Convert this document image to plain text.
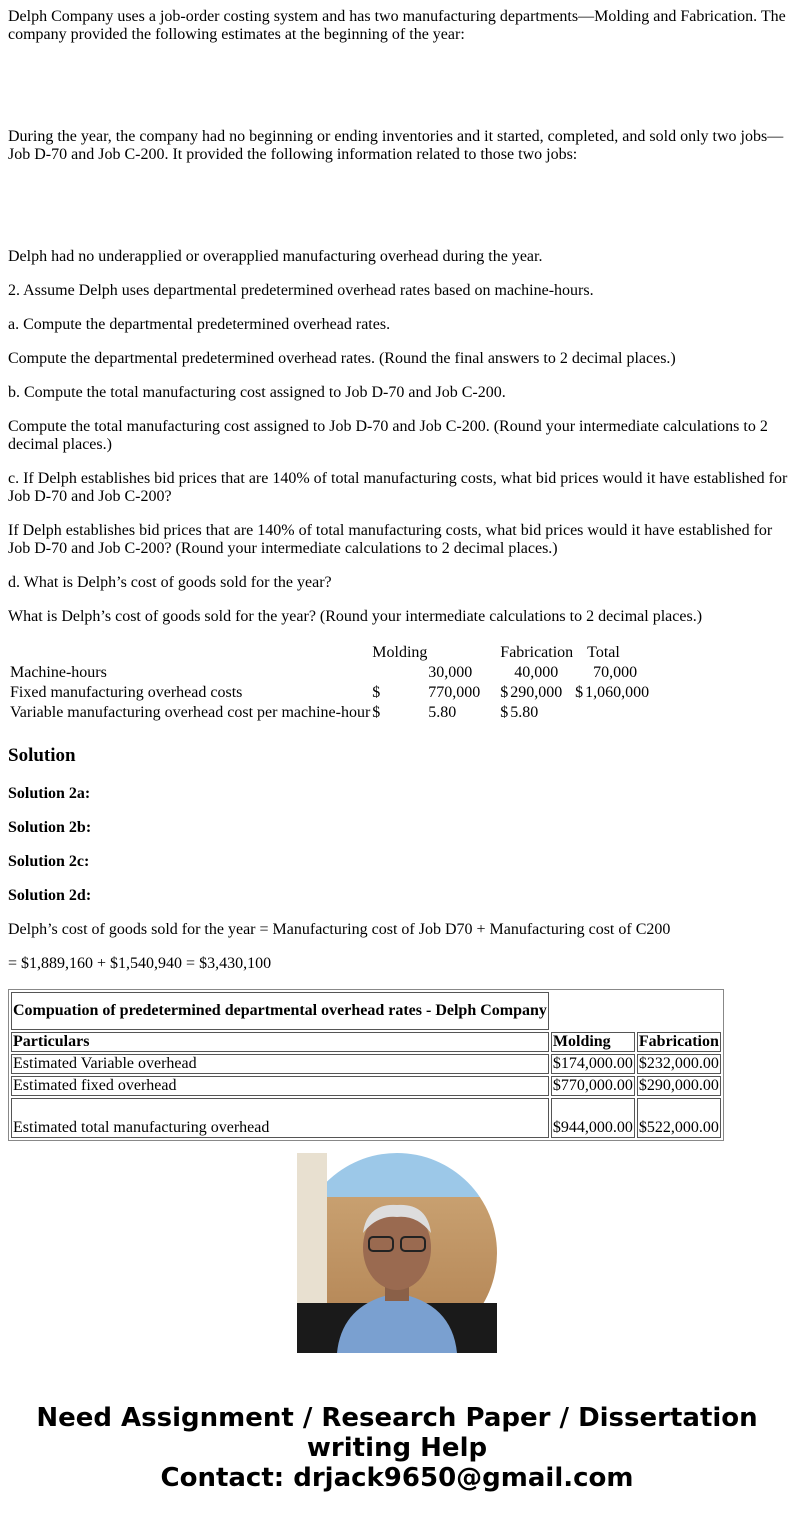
Delph Company uses a job-order costing system and has two manufacturing departments—Molding and Fabrication. The company provided the following estimates at the beginning of the year:

During the year, the company had no beginning or ending inventories and it started, completed, and sold only two jobs—Job D-70 and Job C-200. It provided the following information related to those two jobs:

Delph had no underapplied or overapplied manufacturing overhead during the year.

2. Assume Delph uses departmental predetermined overhead rates based on machine-hours.

a. Compute the departmental predetermined overhead rates.

Compute the departmental predetermined overhead rates. (Round the final answers to 2 decimal places.)

b. Compute the total manufacturing cost assigned to Job D-70 and Job C-200.

Compute the total manufacturing cost assigned to Job D-70 and Job C-200. (Round your intermediate calculations to 2 decimal places.)

c. If Delph establishes bid prices that are 140% of total manufacturing costs, what bid prices would it have established for Job D-70 and Job C-200?

If Delph establishes bid prices that are 140% of total manufacturing costs, what bid prices would it have established for Job D-70 and Job C-200? (Round your intermediate calculations to 2 decimal places.)

d. What is Delph’s cost of goods sold for the year?

What is Delph’s cost of goods sold for the year? (Round your intermediate calculations to 2 decimal places.)

	Molding		Fabrication		Total	
Machine-hours		30,000		40,000		70,000
Fixed manufacturing overhead costs	$	770,000	$	290,000	$	1,060,000
Variable manufacturing overhead cost per machine-hour	$	5.80	$	5.80		
Solution

Solution 2a:

Solution 2b:

Solution 2c:

Solution 2d:

Delph’s cost of goods sold for the year = Manufacturing cost of Job D70 + Manufacturing cost of C200

= $1,889,160 + $1,540,940 = $3,430,100

Compuation of predetermined departmental overhead rates - Delph Company		
Particulars	Molding	Fabrication
Estimated Variable overhead	$174,000.00	$232,000.00
Estimated fixed overhead	$770,000.00	$290,000.00
Estimated total manufacturing overhead	$944,000.00	$522,000.00
Need Assignment / Research Paper / Dissertation
writing Help
Contact: drjack9650@gmail.com
